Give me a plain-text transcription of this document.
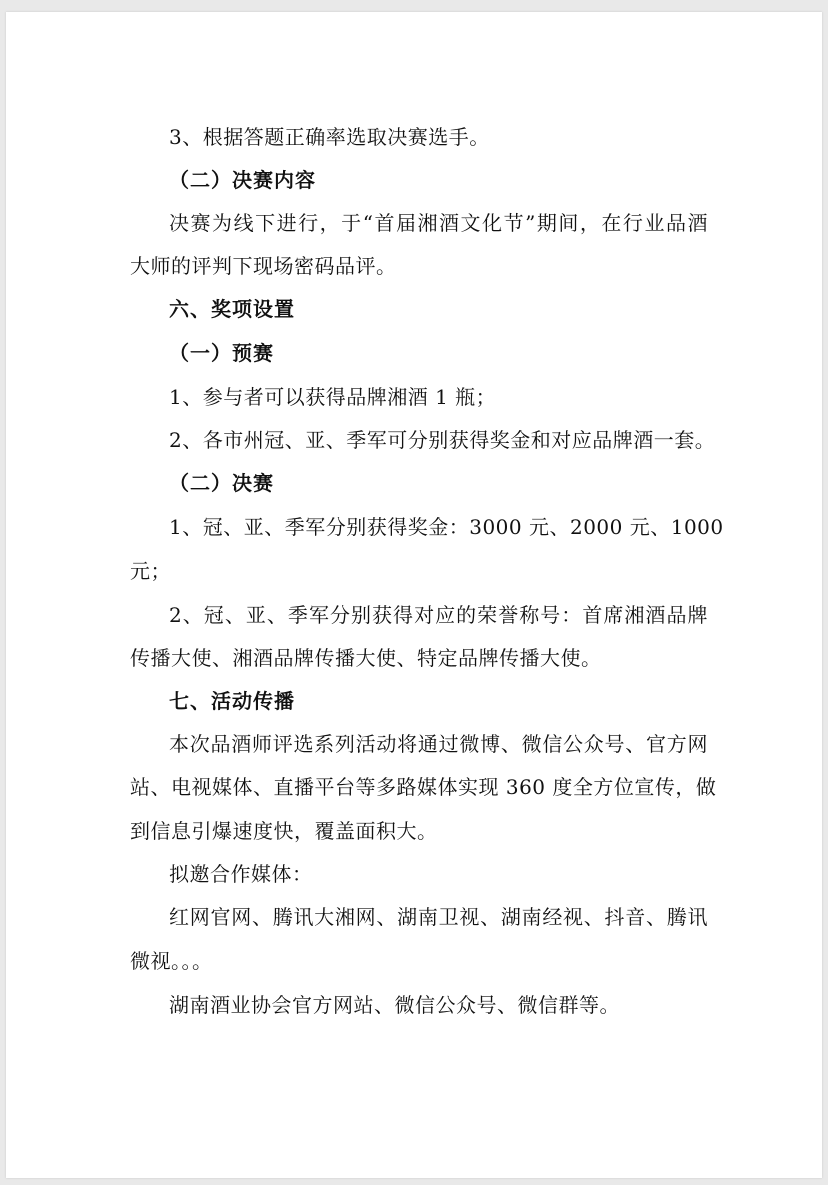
3、根据答题正确率选取决赛选手。
（二）决赛内容
决赛为线下进行，于“首届湘酒文化节”期间，在行业品酒
大师的评判下现场密码品评。
六、奖项设置
（一）预赛
1、参与者可以获得品牌湘酒 1 瓶；
2、各市州冠、亚、季军可分别获得奖金和对应品牌酒一套。
（二）决赛
1、冠、亚、季军分别获得奖金：3000 元、2000 元、1000
元；
2、冠、亚、季军分别获得对应的荣誉称号：首席湘酒品牌
传播大使、湘酒品牌传播大使、特定品牌传播大使。
七、活动传播
本次品酒师评选系列活动将通过微博、微信公众号、官方网
站、电视媒体、直播平台等多路媒体实现 360 度全方位宣传，做
到信息引爆速度快，覆盖面积大。
拟邀合作媒体：
红网官网、腾讯大湘网、湖南卫视、湖南经视、抖音、腾讯
微视。。。
湖南酒业协会官方网站、微信公众号、微信群等。
